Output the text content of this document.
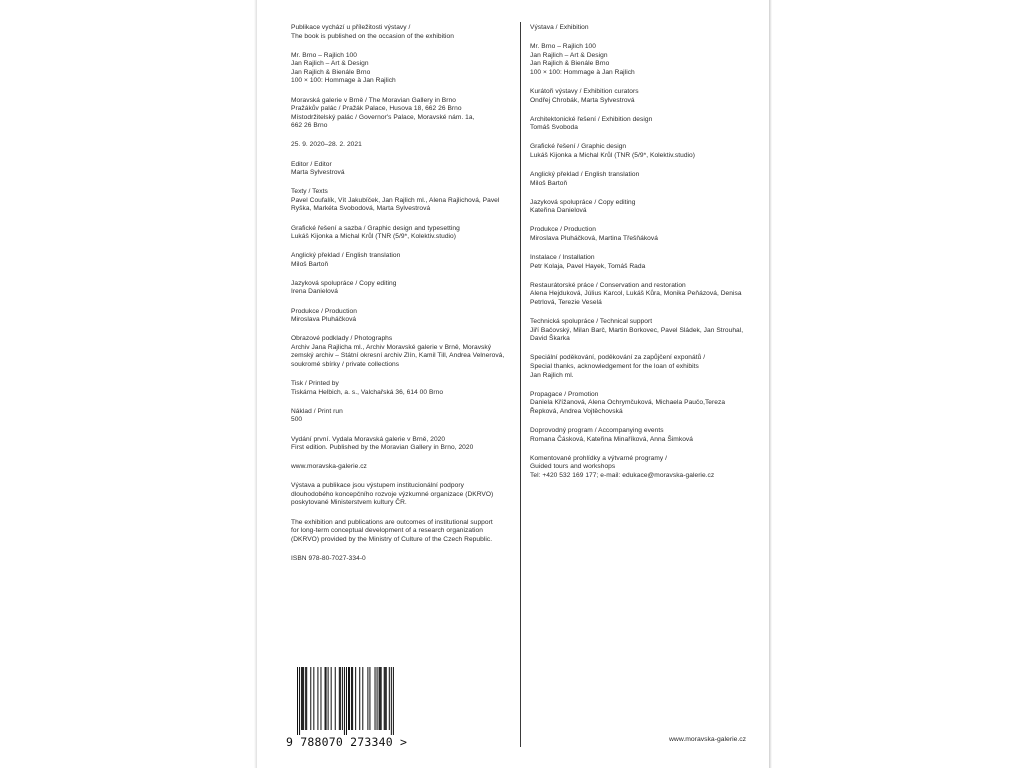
Publikace vychází u příležitosti výstavy /
The book is published on the occasion of the exhibition
Mr. Brno – Rajlich 100
Jan Rajlich – Art & Design
Jan Rajlich & Bienále Brno
100 × 100: Hommage à Jan Rajlich
Moravská galerie v Brně / The Moravian Gallery in Brno
Pražákův palác / Pražák Palace, Husova 18, 662 26 Brno
Místodržitelský palác / Governor's Palace, Moravské nám. 1a,
662 26 Brno
25. 9. 2020–28. 2. 2021
Editor / Editor
Marta Sylvestrová
Texty / Texts
Pavel Coufalík, Vít Jakubíček, Jan Rajlich ml., Alena Rajlichová, Pavel
Ryška, Markéta Svobodová, Marta Sylvestrová
Grafické řešení a sazba / Graphic design and typesetting
Lukáš Kijonka a Michal Krůl (TNR (5/9*, Kolektiv.studio)
Anglický překlad / English translation
Miloš Bartoň
Jazyková spolupráce / Copy editing
Irena Danielová
Produkce / Production
Miroslava Pluháčková
Obrazové podklady / Photographs
Archiv Jana Rajlicha ml., Archiv Moravské galerie v Brně, Moravský
zemský archiv – Státní okresní archiv Zlín, Kamil Till, Andrea Velnerová,
soukromé sbírky / private collections
Tisk / Printed by
Tiskárna Helbich, a. s., Valchařská 36, 614 00 Brno
Náklad / Print run
500
Vydání první. Vydala Moravská galerie v Brně, 2020
First edition. Published by the Moravian Gallery in Brno, 2020
www.moravska-galerie.cz
Výstava a publikace jsou výstupem institucionální podpory
dlouhodobého koncepčního rozvoje výzkumné organizace (DKRVO)
poskytované Ministerstvem kultury ČR.
The exhibition and publications are outcomes of institutional support
for long-term conceptual development of a research organization
(DKRVO) provided by the Ministry of Culture of the Czech Republic.
ISBN 978-80-7027-334-0
Výstava / Exhibition
Mr. Brno – Rajlich 100
Jan Rajlich – Art & Design
Jan Rajlich & Bienále Brno
100 × 100: Hommage à Jan Rajlich
Kurátoři výstavy / Exhibition curators
Ondřej Chrobák, Marta Sylvestrová
Architektonické řešení / Exhibition design
Tomáš Svoboda
Grafické řešení / Graphic design
Lukáš Kijonka a Michal Krůl (TNR (5/9*, Kolektiv.studio)
Anglický překlad / English translation
Miloš Bartoň
Jazyková spolupráce / Copy editing
Kateřina Danielová
Produkce / Production
Miroslava Pluháčková, Martina Třešňáková
Instalace / Installation
Petr Kolaja, Pavel Hayek, Tomáš Rada
Restaurátorské práce / Conservation and restoration
Alena Hejduková, Július Karcol, Lukáš Kůra, Monika Peňázová, Denisa
Petrlová, Terezie Veselá
Technická spolupráce / Technical support
Jiří Bačovský, Milan Barč, Martin Borkovec, Pavel Sládek, Jan Strouhal,
David Škarka
Speciální poděkování, poděkování za zapůjčení exponátů /
Special thanks, acknowledgement for the loan of exhibits
Jan Rajlich ml.
Propagace / Promotion
Daniela Křížanová, Alena Ochrymčuková, Michaela Paučo,Tereza
Řepková, Andrea Vojtěchovská
Doprovodný program / Accompanying events
Romana Čásková, Kateřina Minaříková, Anna Šimková
Komentované prohlídky a výtvarné programy /
Guided tours and workshops
Tel: +420 532 169 177; e-mail: edukace@moravska-galerie.cz
9 788070 273340 >	www.moravska-galerie.cz
